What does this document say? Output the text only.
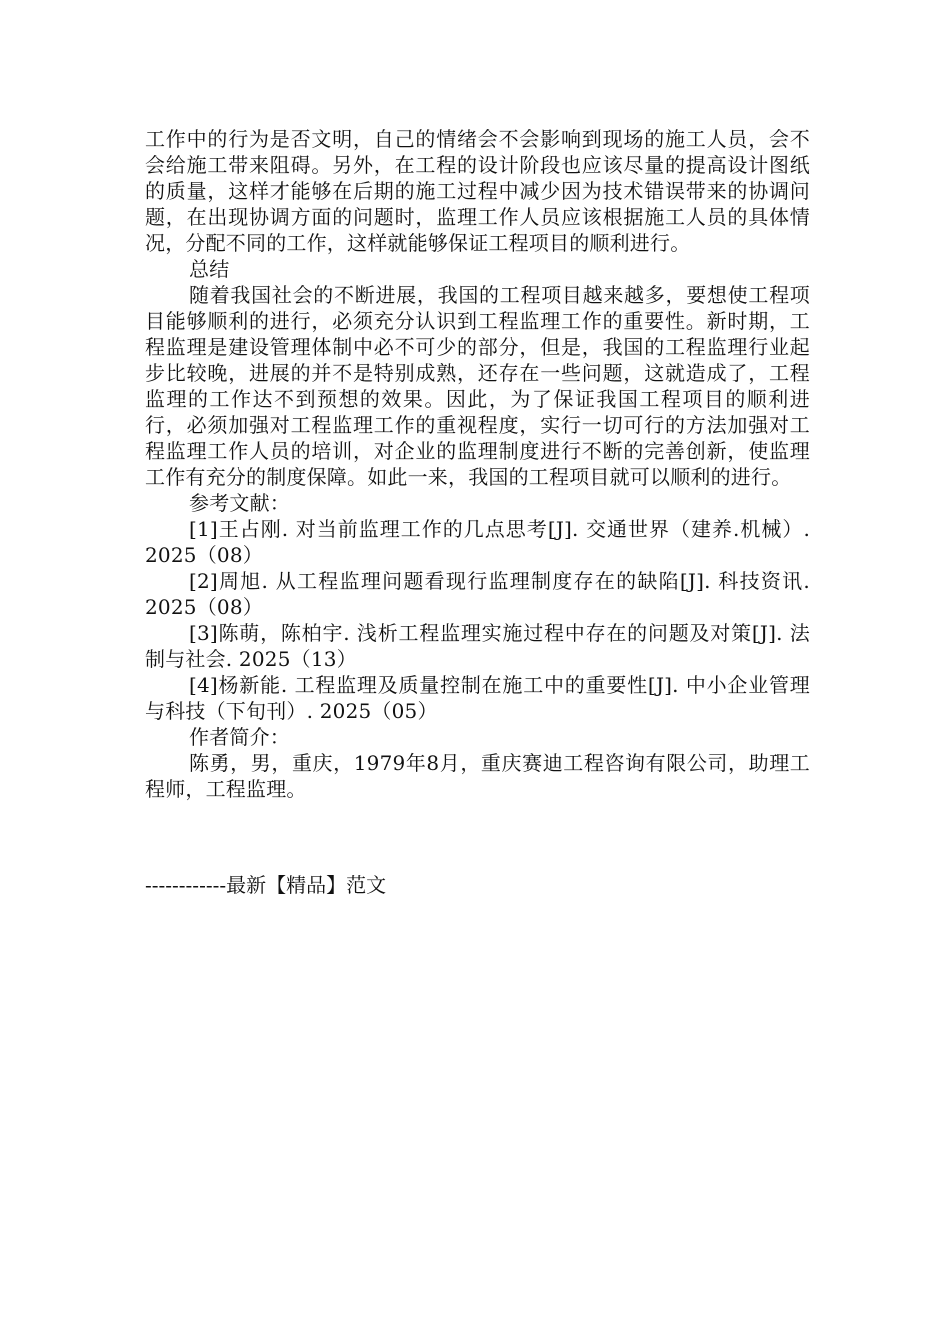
工作中的行为是否文明，自己的情绪会不会影响到现场的施工人员，会不会给施工带来阻碍。另外，在工程的设计阶段也应该尽量的提高设计图纸的质量，这样才能够在后期的施工过程中减少因为技术错误带来的协调问题，在出现协调方面的问题时，监理工作人员应该根据施工人员的具体情况，分配不同的工作，这样就能够保证工程项目的顺利进行。

总结

随着我国社会的不断进展，我国的工程项目越来越多，要想使工程项目能够顺利的进行，必须充分认识到工程监理工作的重要性。新时期，工程监理是建设管理体制中必不可少的部分，但是，我国的工程监理行业起步比较晚，进展的并不是特别成熟，还存在一些问题，这就造成了，工程监理的工作达不到预想的效果。因此，为了保证我国工程项目的顺利进行，必须加强对工程监理工作的重视程度，实行一切可行的方法加强对工程监理工作人员的培训，对企业的监理制度进行不断的完善创新，使监理工作有充分的制度保障。如此一来，我国的工程项目就可以顺利的进行。

参考文献：

[1]王占刚. 对当前监理工作的几点思考[J]. 交通世界（建养.机械）. 2025（08）

[2]周旭. 从工程监理问题看现行监理制度存在的缺陷[J]. 科技资讯. 2025（08）

[3]陈萌，陈柏宇. 浅析工程监理实施过程中存在的问题及对策[J]. 法制与社会. 2025（13）

[4]杨新能. 工程监理及质量控制在施工中的重要性[J]. 中小企业管理与科技（下旬刊）. 2025（05）

作者简介：

陈勇，男，重庆，1979年8月，重庆赛迪工程咨询有限公司，助理工程师，工程监理。

------------最新【精品】范文
